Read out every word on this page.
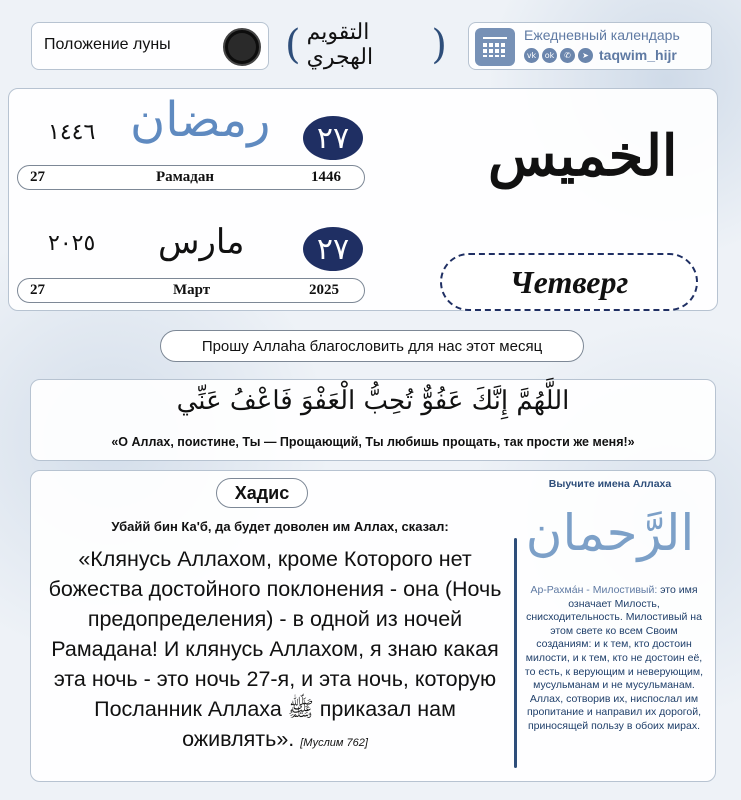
Положение луны	( التقويم الهجري	)	Ежедневный календарь
vk	ok	✆	➤ taqwim_hijr
١٤٤٦ رمضان	٢٧
27	Рамадан	1446
٢٠٢٥ مارس	٢٧
27	Март	2025
الخميس
Четверг
Прошу Аллаhа благословить для нас этот месяц
اللَّهُمَّ إِنَّكَ عَفُوٌّ تُحِبُّ الْعَفْوَ فَاعْفُ عَنِّي
«О Аллах, поистине, Ты — Прощающий, Ты любишь прощать, так прости же меня!»
Хадис
Убайй бин Ка'б, да будет доволен им Аллах, сказал:
«Клянусь Аллахом, кроме Которого нет божества достойного поклонения - она (Ночь предопределения) - в одной из ночей Рамадана! И клянусь Аллахом, я знаю какая эта ночь - это ночь 27-я, и эта ночь, которую Посланник Аллаха ﷺ приказал нам оживлять». [Муслим 762]
Выучите имена Аллаха
الرَّحمان
Ар-Рахма́н - Милостивый: это имя означает Милость, снисходительность. Милостивый на этом свете ко всем Своим созданиям: и к тем, кто достоин милости, и к тем, кто не достоин её, то есть, к верующим и неверующим, мусульманам и не мусульманам. Аллах, сотворив их, ниспослал им пропитание и направил их дорогой, приносящей пользу в обоих мирах.
